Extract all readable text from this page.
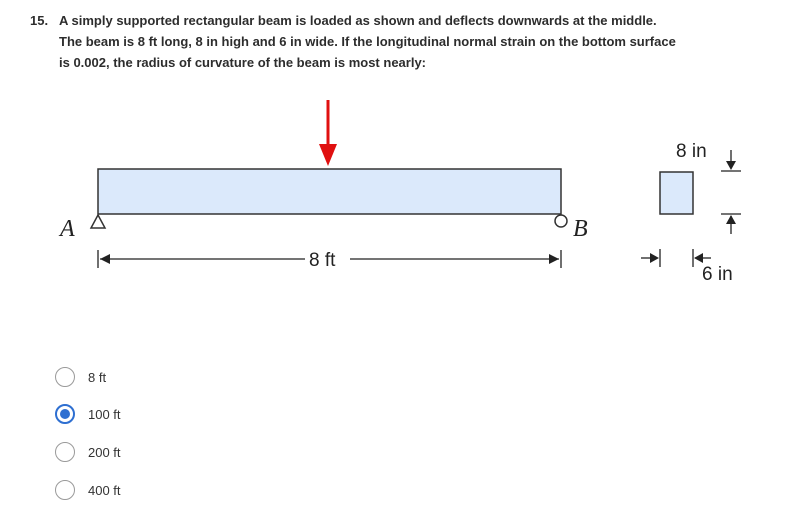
15. A simply supported rectangular beam is loaded as shown and deflects downwards at the middle.
The beam is 8 ft long, 8 in high and 6 in wide. If the longitudinal normal strain on the bottom surface
is 0.002, the radius of curvature of the beam is most nearly:
A	B
8 ft
8 in
6 in
8 ft
100 ft
200 ft
400 ft
